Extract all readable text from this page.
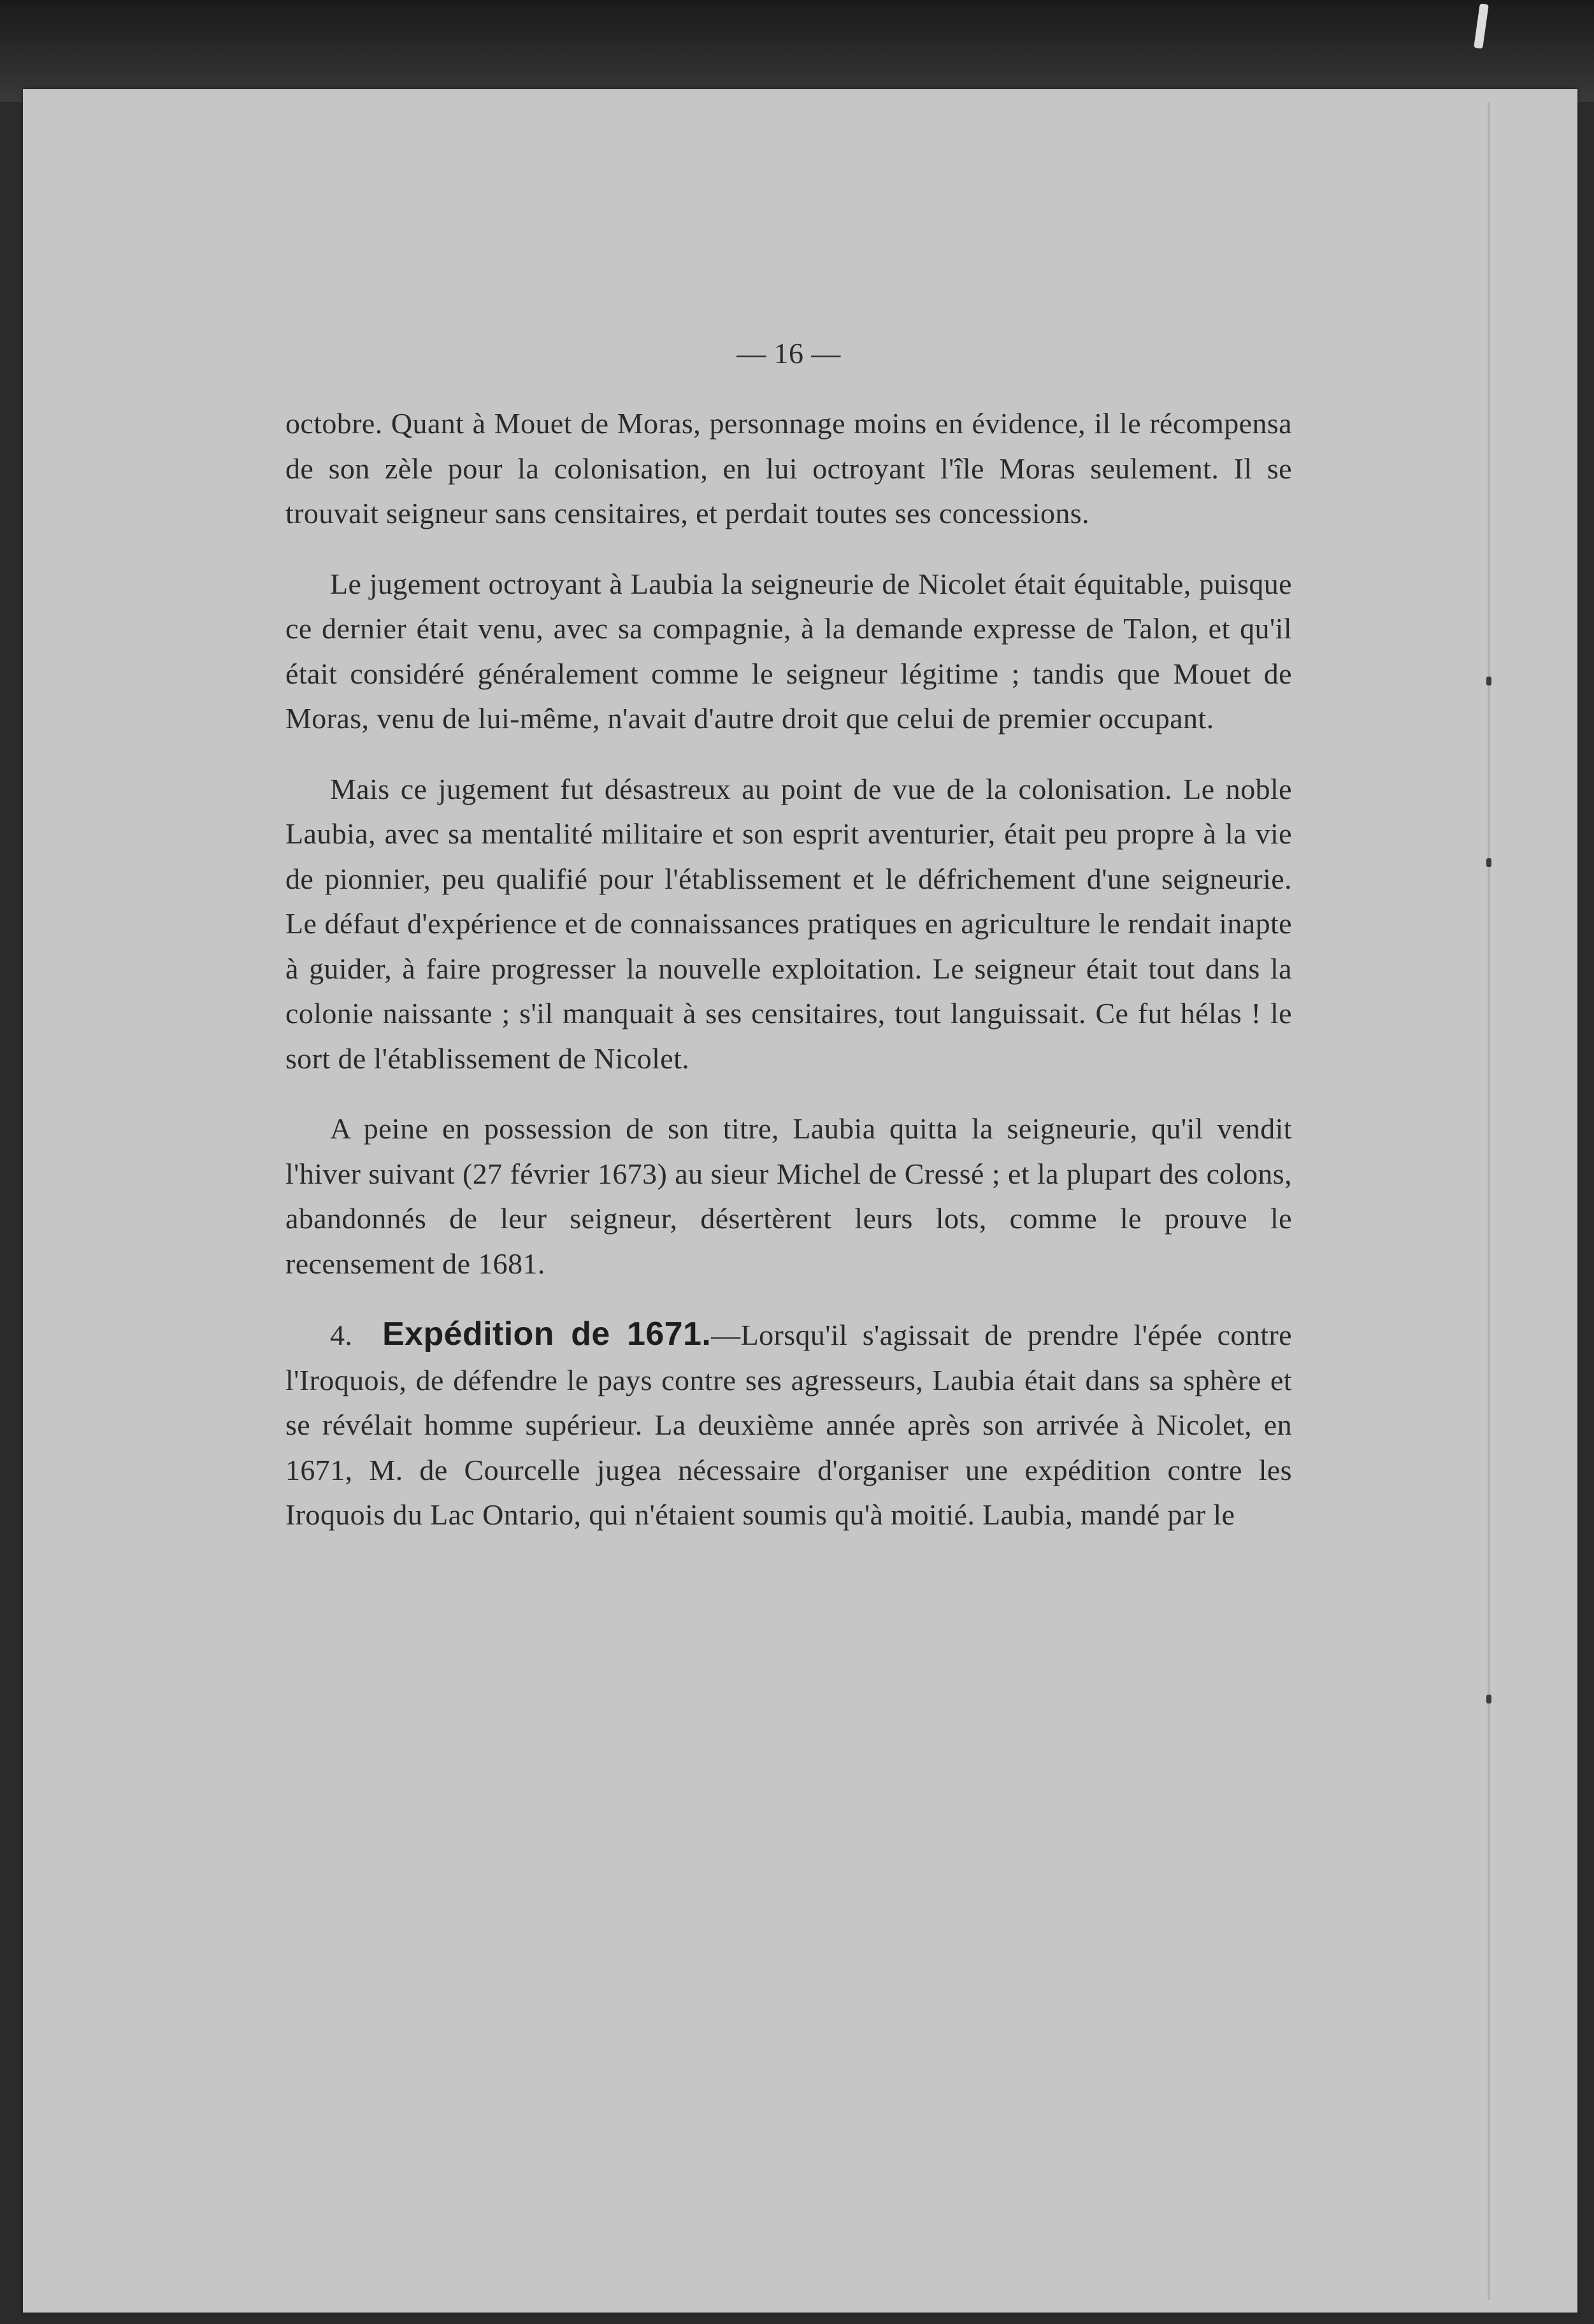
— 16 —

octobre. Quant à Mouet de Moras, personnage moins en évidence, il le récompensa de son zèle pour la colonisation, en lui octroyant l'île Moras seulement. Il se trouvait seigneur sans censitaires, et perdait toutes ses concessions.

Le jugement octroyant à Laubia la seigneurie de Nicolet était équitable, puisque ce dernier était venu, avec sa compagnie, à la demande expresse de Talon, et qu'il était considéré généralement comme le seigneur légitime ; tandis que Mouet de Moras, venu de lui-même, n'avait d'autre droit que celui de premier occupant.

Mais ce jugement fut désastreux au point de vue de la colonisation. Le noble Laubia, avec sa mentalité militaire et son esprit aventurier, était peu propre à la vie de pionnier, peu qualifié pour l'établissement et le défrichement d'une seigneurie. Le défaut d'expérience et de connaissances pratiques en agriculture le rendait inapte à guider, à faire progresser la nouvelle exploitation. Le seigneur était tout dans la colonie naissante ; s'il manquait à ses censitaires, tout languissait. Ce fut hélas ! le sort de l'établissement de Nicolet.

A peine en possession de son titre, Laubia quitta la seigneurie, qu'il vendit l'hiver suivant (27 février 1673) au sieur Michel de Cressé ; et la plupart des colons, abandonnés de leur seigneur, désertèrent leurs lots, comme le prouve le recensement de 1681.

4. Expédition de 1671.—Lorsqu'il s'agissait de prendre l'épée contre l'Iroquois, de défendre le pays contre ses agresseurs, Laubia était dans sa sphère et se révélait homme supérieur. La deuxième année après son arrivée à Nicolet, en 1671, M. de Courcelle jugea nécessaire d'organiser une expédition contre les Iroquois du Lac Ontario, qui n'étaient soumis qu'à moitié. Laubia, mandé par le
